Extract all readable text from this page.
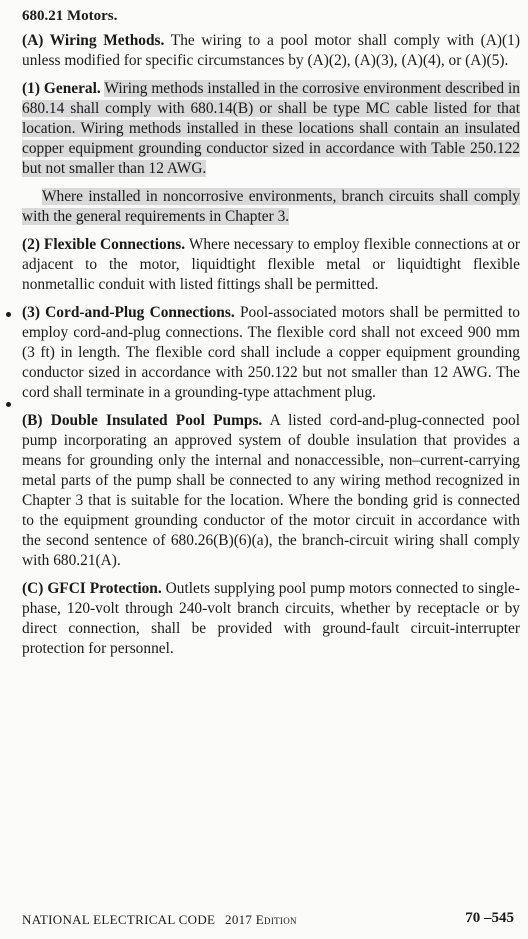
680.21 Motors.

(A) Wiring Methods. The wiring to a pool motor shall comply with (A)(1) unless modified for specific circumstances by (A)(2), (A)(3), (A)(4), or (A)(5).

(1) General. Wiring methods installed in the corrosive environment described in 680.14 shall comply with 680.14(B) or shall be type MC cable listed for that location. Wiring methods installed in these locations shall contain an insulated copper equipment grounding conductor sized in accordance with Table 250.122 but not smaller than 12 AWG.

Where installed in noncorrosive environments, branch circuits shall comply with the general requirements in Chapter 3.

(2) Flexible Connections. Where necessary to employ flexible connections at or adjacent to the motor, liquidtight flexible metal or liquidtight flexible nonmetallic conduit with listed fittings shall be permitted.

(3) Cord-and-Plug Connections. Pool-associated motors shall be permitted to employ cord-and-plug connections. The flexible cord shall not exceed 900 mm (3 ft) in length. The flexible cord shall include a copper equipment grounding conductor sized in accordance with 250.122 but not smaller than 12 AWG. The cord shall terminate in a grounding-type attachment plug.

(B) Double Insulated Pool Pumps. A listed cord-and-plug-connected pool pump incorporating an approved system of double insulation that provides a means for grounding only the internal and nonaccessible, non–current-carrying metal parts of the pump shall be connected to any wiring method recognized in Chapter 3 that is suitable for the location. Where the bonding grid is connected to the equipment grounding conductor of the motor circuit in accordance with the second sentence of 680.26(B)(6)(a), the branch-circuit wiring shall comply with 680.21(A).

(C) GFCI Protection. Outlets supplying pool pump motors connected to single-phase, 120-volt through 240-volt branch circuits, whether by receptacle or by direct connection, shall be provided with ground-fault circuit-interrupter protection for personnel.

NATIONAL ELECTRICAL CODE 2017 Edition	70 –545
